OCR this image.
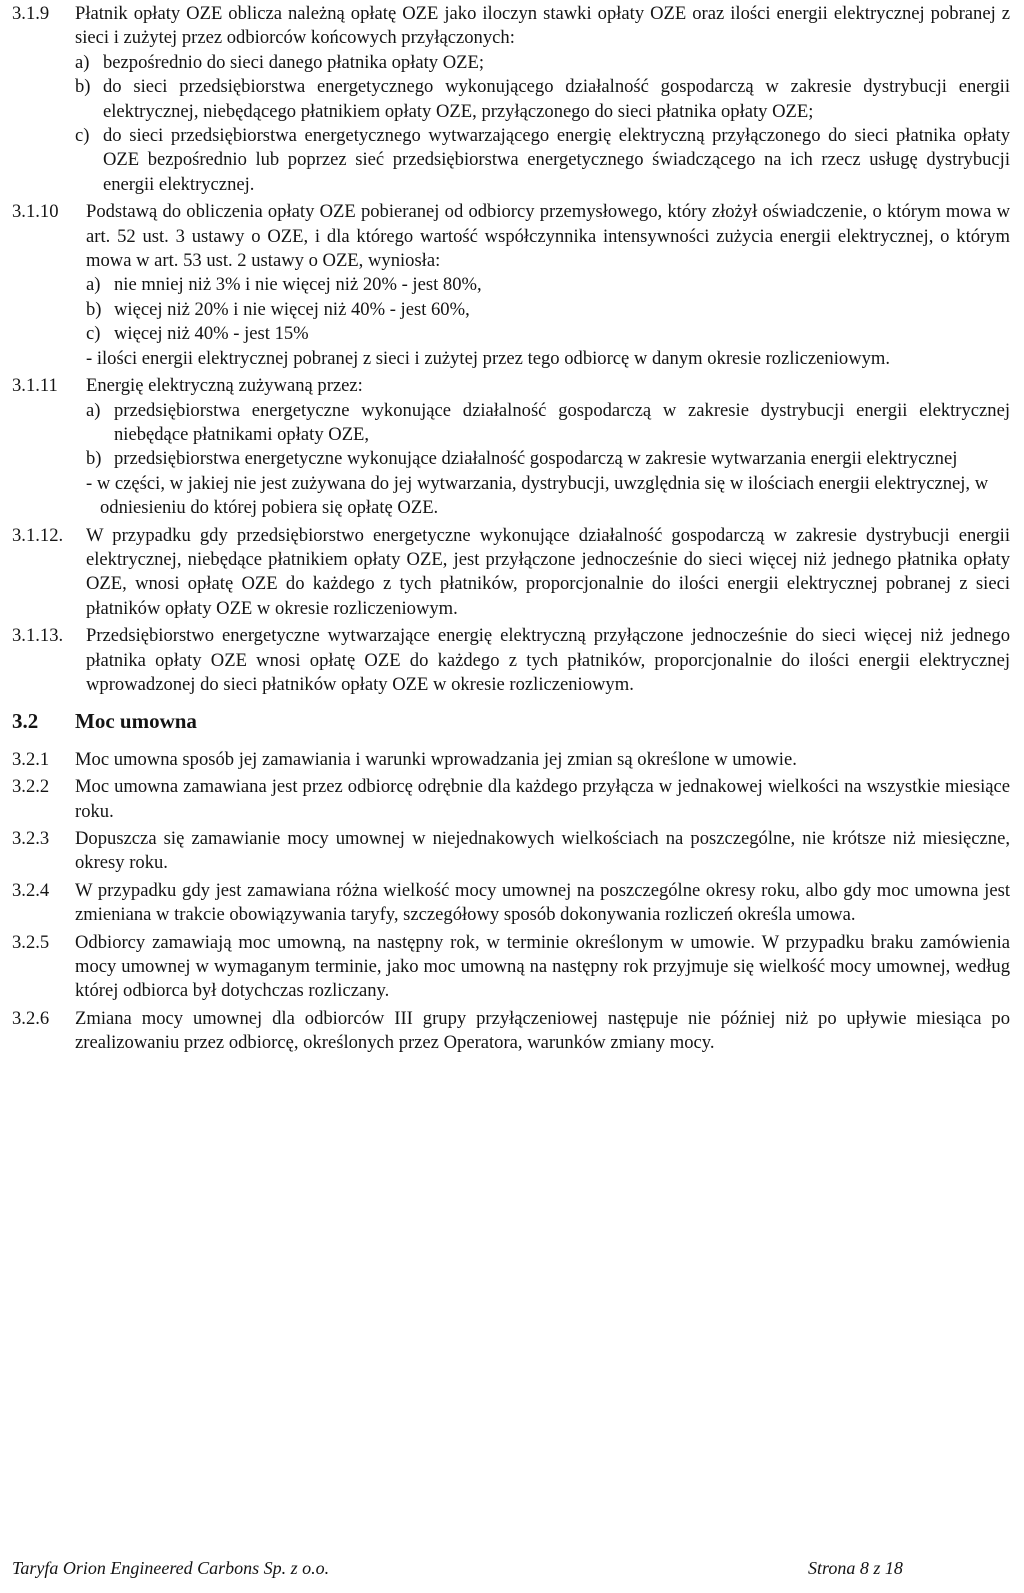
3.1.9 Płatnik opłaty OZE oblicza należną opłatę OZE jako iloczyn stawki opłaty OZE oraz ilości energii elektrycznej pobranej z sieci i zużytej przez odbiorców końcowych przyłączonych:
a) bezpośrednio do sieci danego płatnika opłaty OZE;
b) do sieci przedsiębiorstwa energetycznego wykonującego działalność gospodarczą w zakresie dystrybucji energii elektrycznej, niebędącego płatnikiem opłaty OZE, przyłączonego do sieci płatnika opłaty OZE;
c) do sieci przedsiębiorstwa energetycznego wytwarzającego energię elektryczną przyłączonego do sieci płatnika opłaty OZE bezpośrednio lub poprzez sieć przedsiębiorstwa energetycznego świadczącego na ich rzecz usługę dystrybucji energii elektrycznej.
3.1.10 Podstawą do obliczenia opłaty OZE pobieranej od odbiorcy przemysłowego, który złożył oświadczenie, o którym mowa w art. 52 ust. 3 ustawy o OZE, i dla którego wartość współczynnika intensywności zużycia energii elektrycznej, o którym mowa w art. 53 ust. 2 ustawy o OZE, wyniosła:
a) nie mniej niż 3% i nie więcej niż 20% - jest 80%,
b) więcej niż 20% i nie więcej niż 40% - jest 60%,
c) więcej niż 40% - jest 15%
- ilości energii elektrycznej pobranej z sieci i zużytej przez tego odbiorcę w danym okresie rozliczeniowym.
3.1.11 Energię elektryczną zużywaną przez:
a) przedsiębiorstwa energetyczne wykonujące działalność gospodarczą w zakresie dystrybucji energii elektrycznej niebędące płatnikami opłaty OZE,
b) przedsiębiorstwa energetyczne wykonujące działalność gospodarczą w zakresie wytwarzania energii elektrycznej
- w części, w jakiej nie jest zużywana do jej wytwarzania, dystrybucji, uwzględnia się w ilościach energii elektrycznej, w odniesieniu do której pobiera się opłatę OZE.
3.1.12. W przypadku gdy przedsiębiorstwo energetyczne wykonujące działalność gospodarczą w zakresie dystrybucji energii elektrycznej, niebędące płatnikiem opłaty OZE, jest przyłączone jednocześnie do sieci więcej niż jednego płatnika opłaty OZE, wnosi opłatę OZE do każdego z tych płatników, proporcjonalnie do ilości energii elektrycznej pobranej z sieci płatników opłaty OZE w okresie rozliczeniowym.
3.1.13. Przedsiębiorstwo energetyczne wytwarzające energię elektryczną przyłączone jednocześnie do sieci więcej niż jednego płatnika opłaty OZE wnosi opłatę OZE do każdego z tych płatników, proporcjonalnie do ilości energii elektrycznej wprowadzonej do sieci płatników opłaty OZE w okresie rozliczeniowym.
3.2 Moc umowna
3.2.1 Moc umowna sposób jej zamawiania i warunki wprowadzania jej zmian są określone w umowie.
3.2.2 Moc umowna zamawiana jest przez odbiorcę odrębnie dla każdego przyłącza w jednakowej wielkości na wszystkie miesiące roku.
3.2.3 Dopuszcza się zamawianie mocy umownej w niejednakowych wielkościach na poszczególne, nie krótsze niż miesięczne, okresy roku.
3.2.4 W przypadku gdy jest zamawiana różna wielkość mocy umownej na poszczególne okresy roku, albo gdy moc umowna jest zmieniana w trakcie obowiązywania taryfy, szczegółowy sposób dokonywania rozliczeń określa umowa.
3.2.5 Odbiorcy zamawiają moc umowną, na następny rok, w terminie określonym w umowie. W przypadku braku zamówienia mocy umownej w wymaganym terminie, jako moc umowną na następny rok przyjmuje się wielkość mocy umownej, według której odbiorca był dotychczas rozliczany.
3.2.6 Zmiana mocy umownej dla odbiorców III grupy przyłączeniowej następuje nie później niż po upływie miesiąca po zrealizowaniu przez odbiorcę, określonych przez Operatora, warunków zmiany mocy.
Taryfa Orion Engineered Carbons Sp. z o.o.	Strona 8 z 18
